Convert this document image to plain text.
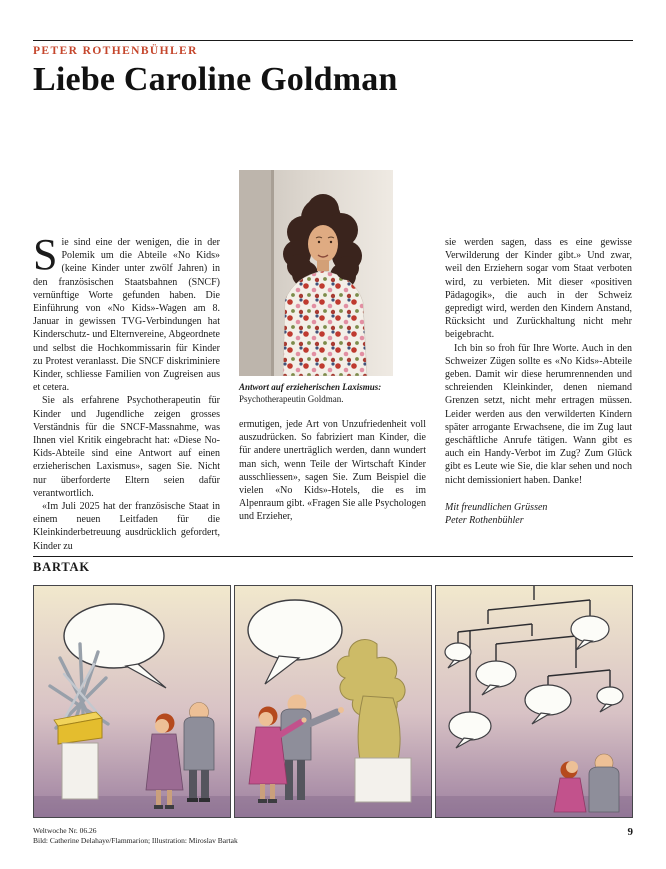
PETER ROTHENBÜHLER
Liebe Caroline Goldman

Sie sind eine der wenigen, die in der Polemik um die Abteile «No Kids» (keine Kinder unter zwölf Jahren) in den französischen Staatsbahnen (SNCF) vernünftige Worte gefunden haben. Die Einführung von «No Kids»-Wagen am 8. Januar in gewissen TVG-Verbindungen hat Kinderschutz- und Elternvereine, Abgeordnete und selbst die Hochkommissarin für Kinder zu Protest veranlasst. Die SNCF diskriminiere Kinder, schliesse Familien von Zugreisen aus et cetera.

Sie als erfahrene Psychotherapeutin für Kinder und Jugendliche zeigen grosses Verständnis für die SNCF-Massnahme, was Ihnen viel Kritik eingebracht hat: «Diese No-Kids-Abteile sind eine Antwort auf einen erzieherischen Laxismus», sagen Sie. Nicht nur überforderte Eltern seien dafür verantwortlich.

«Im Juli 2025 hat der französische Staat in einem neuen Leitfaden für die Kleinkinderbetreuung ausdrücklich gefordert, Kinder zu

Antwort auf erzieherischen Laxismus:
Psychotherapeutin Goldman.

ermutigen, jede Art von Unzufriedenheit voll auszudrücken. So fabriziert man Kinder, die für andere unerträglich werden, dann wundert man sich, wenn Teile der Wirtschaft Kinder ausschliessen», sagen Sie. Zum Beispiel die vielen «No Kids»-Hotels, die es im Alpenraum gibt. «Fragen Sie alle Psychologen und Erzieher,

sie werden sagen, dass es eine gewisse Verwilderung der Kinder gibt.» Und zwar, weil den Erziehern sogar vom Staat verboten wird, zu verbieten. Mit dieser «positiven Pädagogik», die auch in der Schweiz gepredigt wird, werden den Kindern Anstand, Rücksicht und Zurückhaltung nicht mehr beigebracht.

Ich bin so froh für Ihre Worte. Auch in den Schweizer Zügen sollte es «No Kids»-Abteile geben. Damit wir diese herumrennenden und schreienden Kleinkinder, denen niemand Grenzen setzt, nicht mehr ertragen müssen. Leider werden aus den verwilderten Kindern später arrogante Erwachsene, die im Zug laut geschäftliche Anrufe tätigen. Wann gibt es auch ein Handy-Verbot im Zug? Zum Glück gibt es Leute wie Sie, die klar sehen und noch nicht demissioniert haben. Danke!

Mit freundlichen Grüssen
Peter Rothenbühler

BARTAK
Weltwoche Nr. 06.26
Bild: Catherine Delahaye/Flammarion; Illustration: Miroslav Bartak
9
